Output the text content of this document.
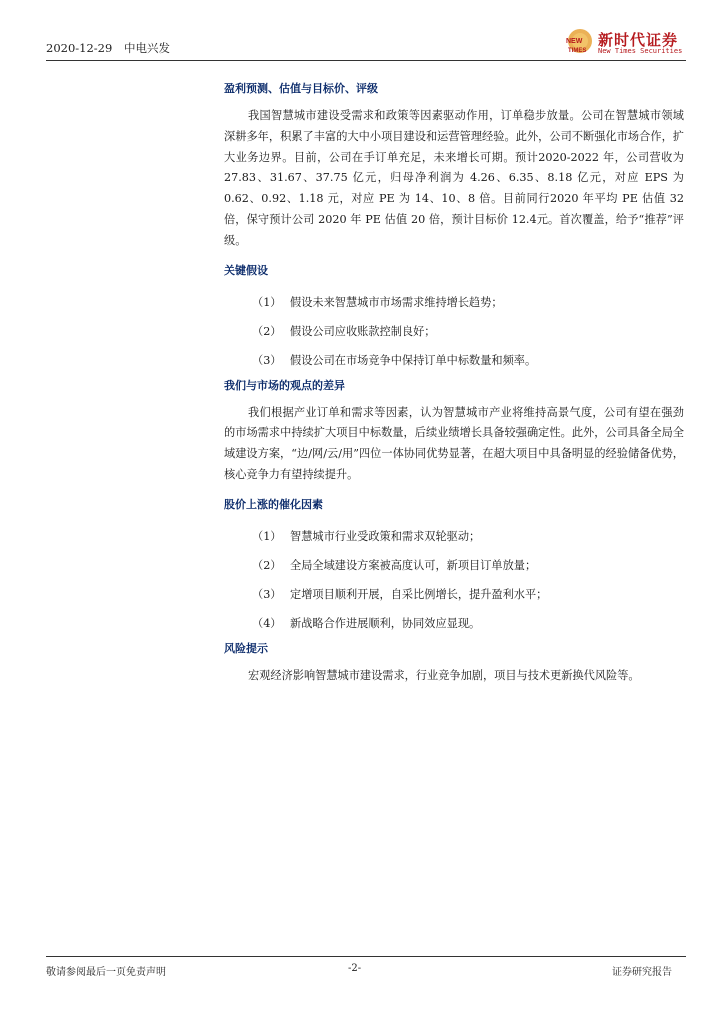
2020-12-29 中电兴发	NEW
TIMES
新时代证券
New Times Securities
盈利预测、估值与目标价、评级

我国智慧城市建设受需求和政策等因素驱动作用，订单稳步放量。公司在智慧城市领域深耕多年，积累了丰富的大中小项目建设和运营管理经验。此外，公司不断强化市场合作，扩大业务边界。目前，公司在手订单充足，未来增长可期。预计2020-2022 年，公司营收为 27.83、31.67、37.75 亿元，归母净利润为 4.26、6.35、8.18 亿元，对应 EPS 为 0.62、0.92、1.18 元，对应 PE 为 14、10、8 倍。目前同行2020 年平均 PE 估值 32 倍，保守预计公司 2020 年 PE 估值 20 倍，预计目标价 12.4元。首次覆盖，给予“推荐”评级。

关键假设
（1） 假设未来智慧城市市场需求维持增长趋势；
（2） 假设公司应收账款控制良好；
（3） 假设公司在市场竞争中保持订单中标数量和频率。
我们与市场的观点的差异

我们根据产业订单和需求等因素，认为智慧城市产业将维持高景气度，公司有望在强劲的市场需求中持续扩大项目中标数量，后续业绩增长具备较强确定性。此外，公司具备全局全域建设方案，“边/网/云/用”四位一体协同优势显著，在超大项目中具备明显的经验储备优势，核心竞争力有望持续提升。

股价上涨的催化因素
（1） 智慧城市行业受政策和需求双轮驱动；
（2） 全局全域建设方案被高度认可，新项目订单放量；
（3） 定增项目顺利开展，自采比例增长，提升盈利水平；
（4） 新战略合作进展顺利，协同效应显现。
风险提示

宏观经济影响智慧城市建设需求，行业竞争加剧，项目与技术更新换代风险等。

敬请参阅最后一页免责声明	-2-	证券研究报告
